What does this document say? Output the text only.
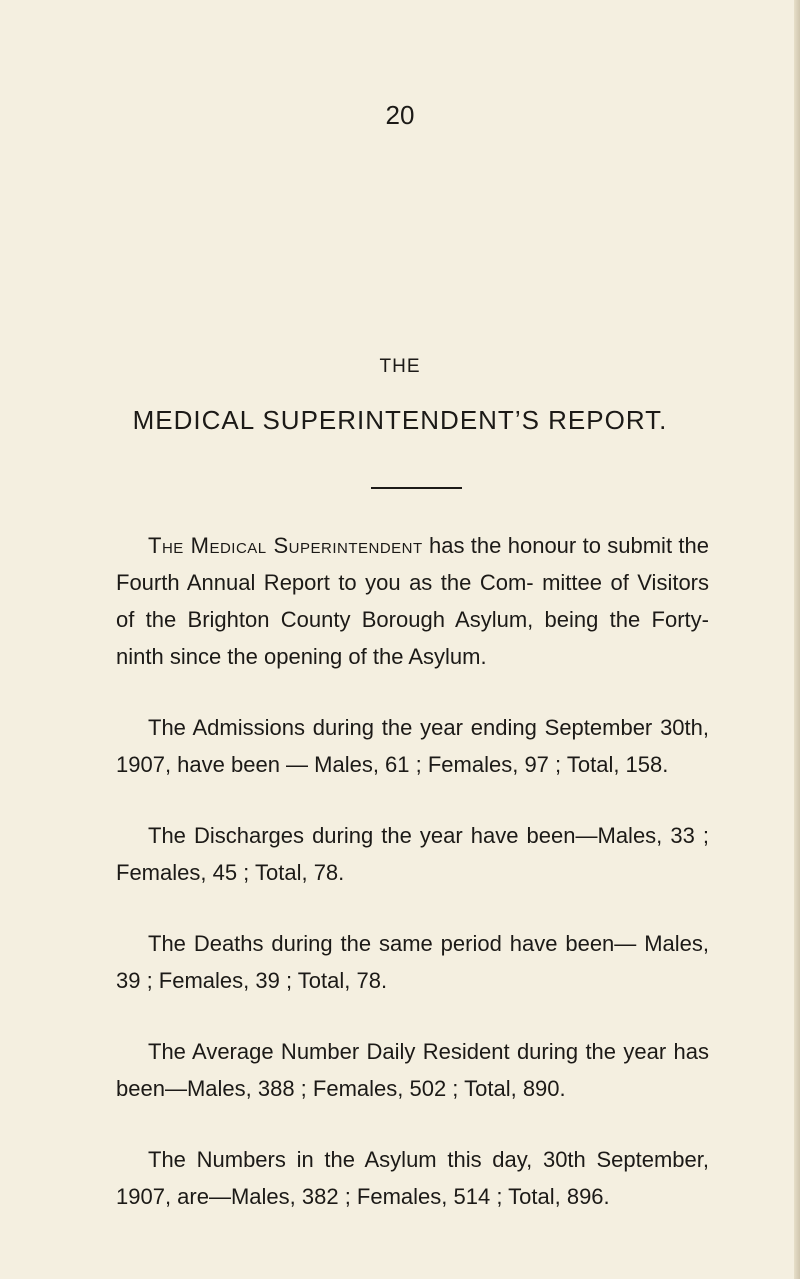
20
THE
MEDICAL SUPERINTENDENT’S REPORT.

The Medical Superintendent has the honour to submit the Fourth Annual Report to you as the Com- mittee of Visitors of the Brighton County Borough Asylum, being the Forty-ninth since the opening of the Asylum.

The Admissions during the year ending September 30th, 1907, have been — Males, 61 ; Females, 97 ; Total, 158.

The Discharges during the year have been—Males, 33 ; Females, 45 ; Total, 78.

The Deaths during the same period have been— Males, 39 ; Females, 39 ; Total, 78.

The Average Number Daily Resident during the year has been—Males, 388 ; Females, 502 ; Total, 890.

The Numbers in the Asylum this day, 30th September, 1907, are—Males, 382 ; Females, 514 ; Total, 896.
